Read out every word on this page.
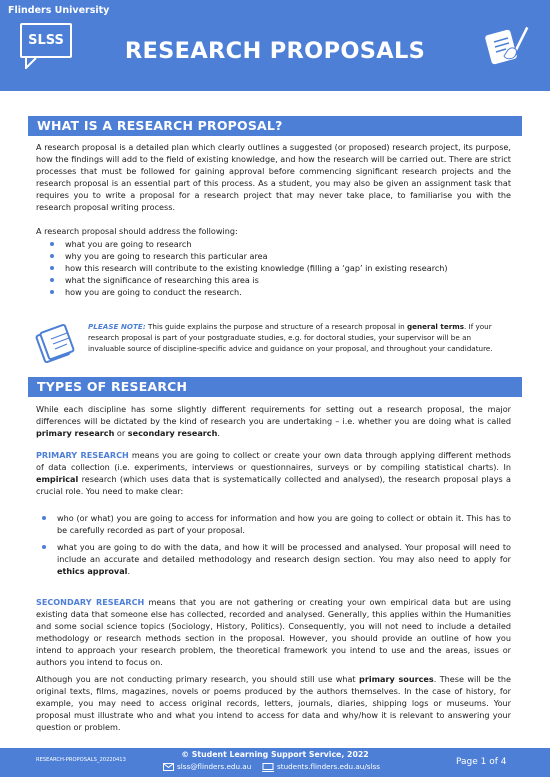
Flinders University
SLSS	RESEARCH PROPOSALS
WHAT IS A RESEARCH PROPOSAL?
A research proposal is a detailed plan which clearly outlines a suggested (or proposed) research project, its purpose, how the findings will add to the field of existing knowledge, and how the research will be carried out. There are strict processes that must be followed for gaining approval before commencing significant research projects and the research proposal is an essential part of this process. As a student, you may also be given an assignment task that requires you to write a proposal for a research project that may never take place, to familiarise you with the research proposal writing process.
A research proposal should address the following:
what you are going to research
why you are going to research this particular area
how this research will contribute to the existing knowledge (filling a ‘gap’ in existing research)
what the significance of researching this area is
how you are going to conduct the research.
PLEASE NOTE: This guide explains the purpose and structure of a research proposal in general terms. If your research proposal is part of your postgraduate studies, e.g. for doctoral studies, your supervisor will be an invaluable source of discipline-specific advice and guidance on your proposal, and throughout your candidature.
TYPES OF RESEARCH
While each discipline has some slightly different requirements for setting out a research proposal, the major differences will be dictated by the kind of research you are undertaking – i.e. whether you are doing what is called primary research or secondary research.
PRIMARY RESEARCH means you are going to collect or create your own data through applying different methods of data collection (i.e. experiments, interviews or questionnaires, surveys or by compiling statistical charts). In empirical research (which uses data that is systematically collected and analysed), the research proposal plays a crucial role. You need to make clear:
who (or what) you are going to access for information and how you are going to collect or obtain it. This has to be carefully recorded as part of your proposal.
what you are going to do with the data, and how it will be processed and analysed. Your proposal will need to include an accurate and detailed methodology and research design section. You may also need to apply for ethics approval.
SECONDARY RESEARCH means that you are not gathering or creating your own empirical data but are using existing data that someone else has collected, recorded and analysed. Generally, this applies within the Humanities and some social science topics (Sociology, History, Politics). Consequently, you will not need to include a detailed methodology or research methods section in the proposal. However, you should provide an outline of how you intend to approach your research problem, the theoretical framework you intend to use and the areas, issues or authors you intend to focus on.
Although you are not conducting primary research, you should still use what primary sources. These will be the original texts, films, magazines, novels or poems produced by the authors themselves. In the case of history, for example, you may need to access original records, letters, journals, diaries, shipping logs or museums. Your proposal must illustrate who and what you intend to access for data and why/how it is relevant to answering your question or problem.
RESEARCH-PROPOSALS_20220413
© Student Learning Support Service, 2022
slss@flinders.edu.au	students.flinders.edu.au/slss	Page 1 of 4
